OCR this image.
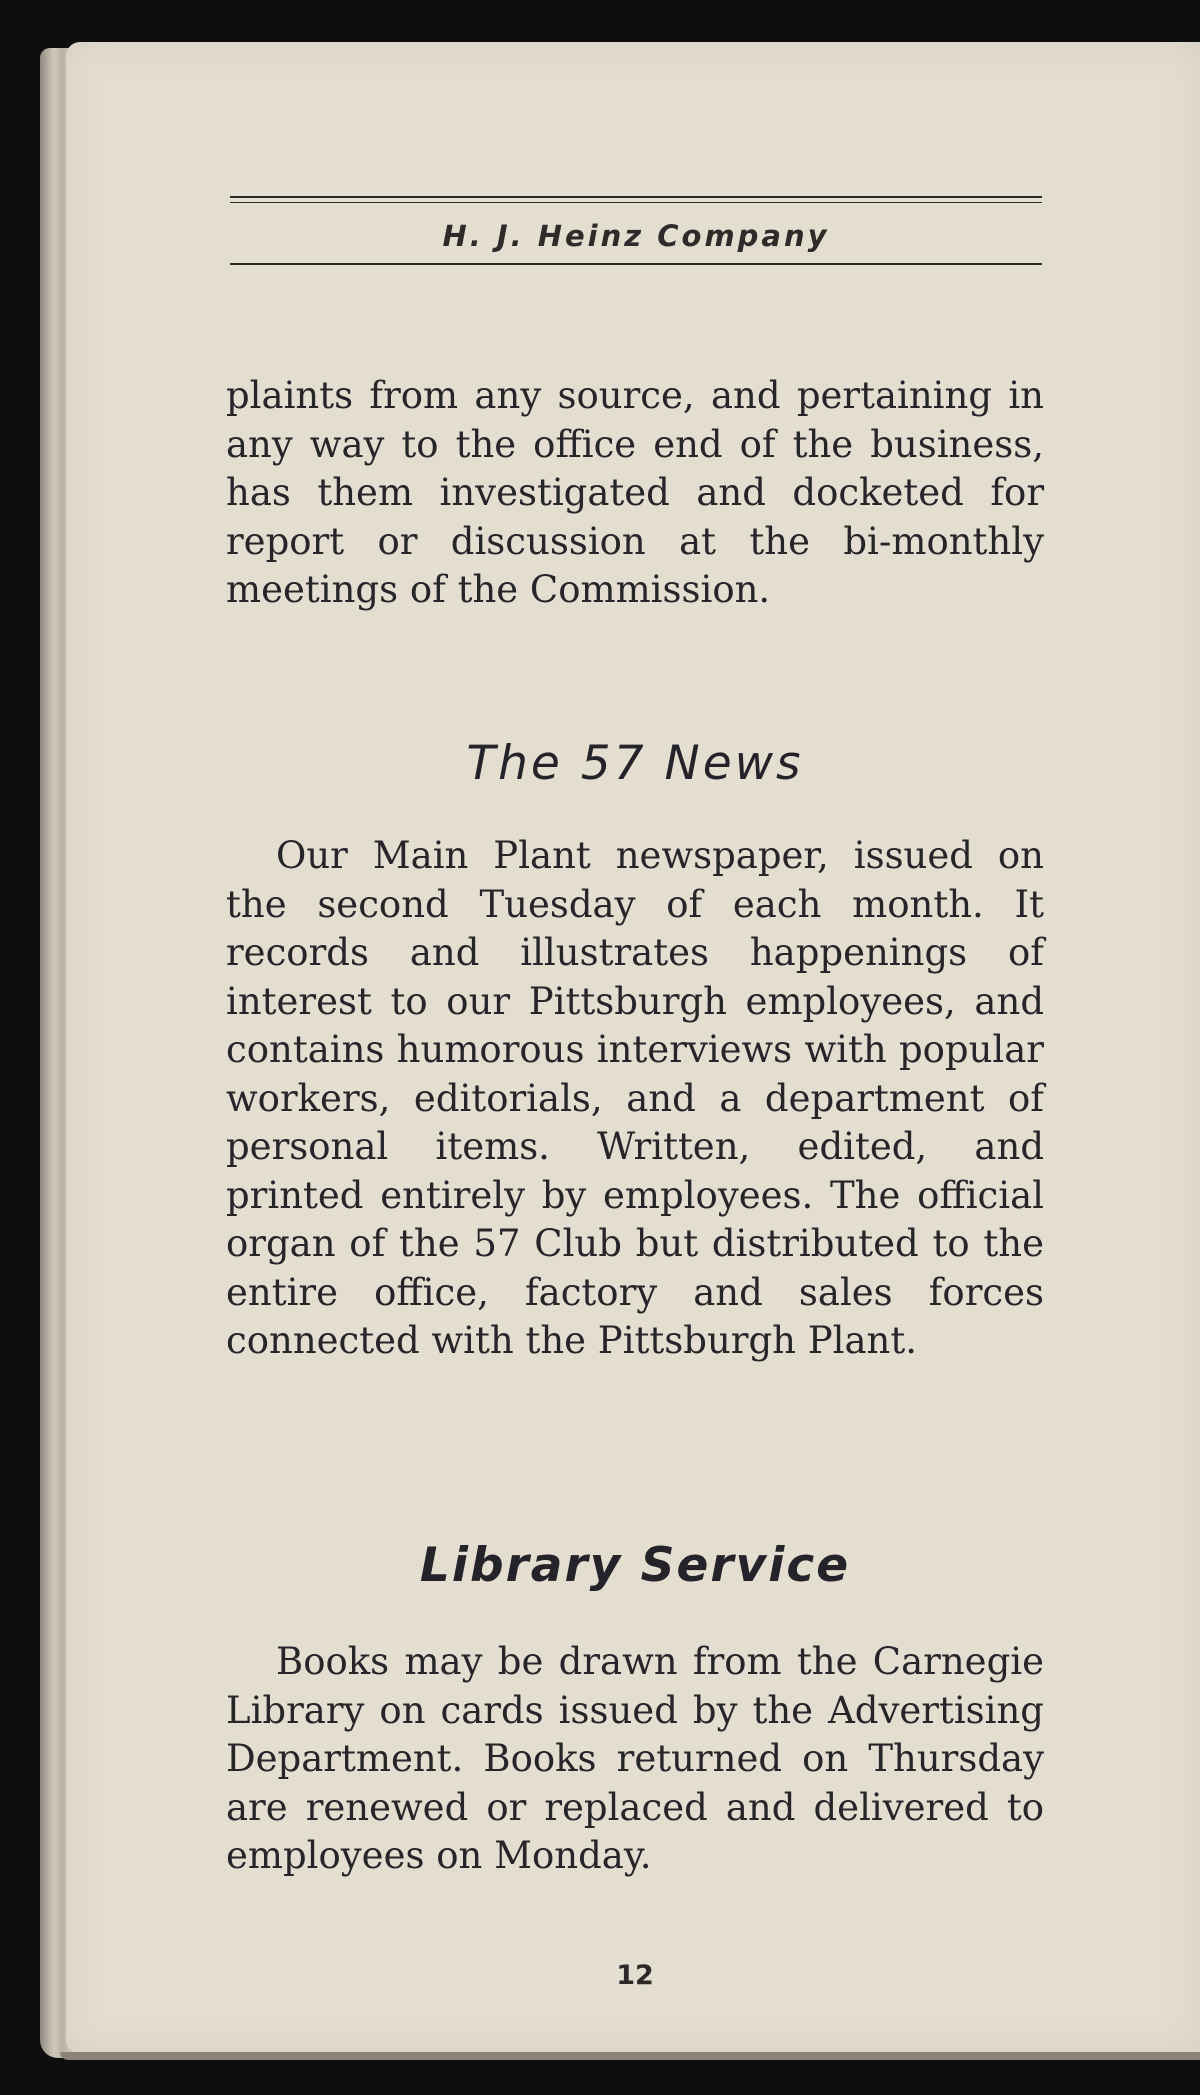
H. J. Heinz Company

plaints from any source, and pertaining in any way to the office end of the business, has them investigated and docketed for report or discussion at the bi-monthly meetings of the Commission.

The 57 News

Our Main Plant newspaper, issued on the second Tuesday of each month. It records and illustrates happenings of interest to our Pittsburgh employees, and contains humorous interviews with popular workers, editorials, and a department of personal items. Written, edited, and printed entirely by employees. The official organ of the 57 Club but distributed to the entire office, factory and sales forces connected with the Pittsburgh Plant.

Library Service

Books may be drawn from the Carnegie Library on cards issued by the Advertising Department. Books returned on Thursday are renewed or replaced and delivered to employees on Monday.

12
